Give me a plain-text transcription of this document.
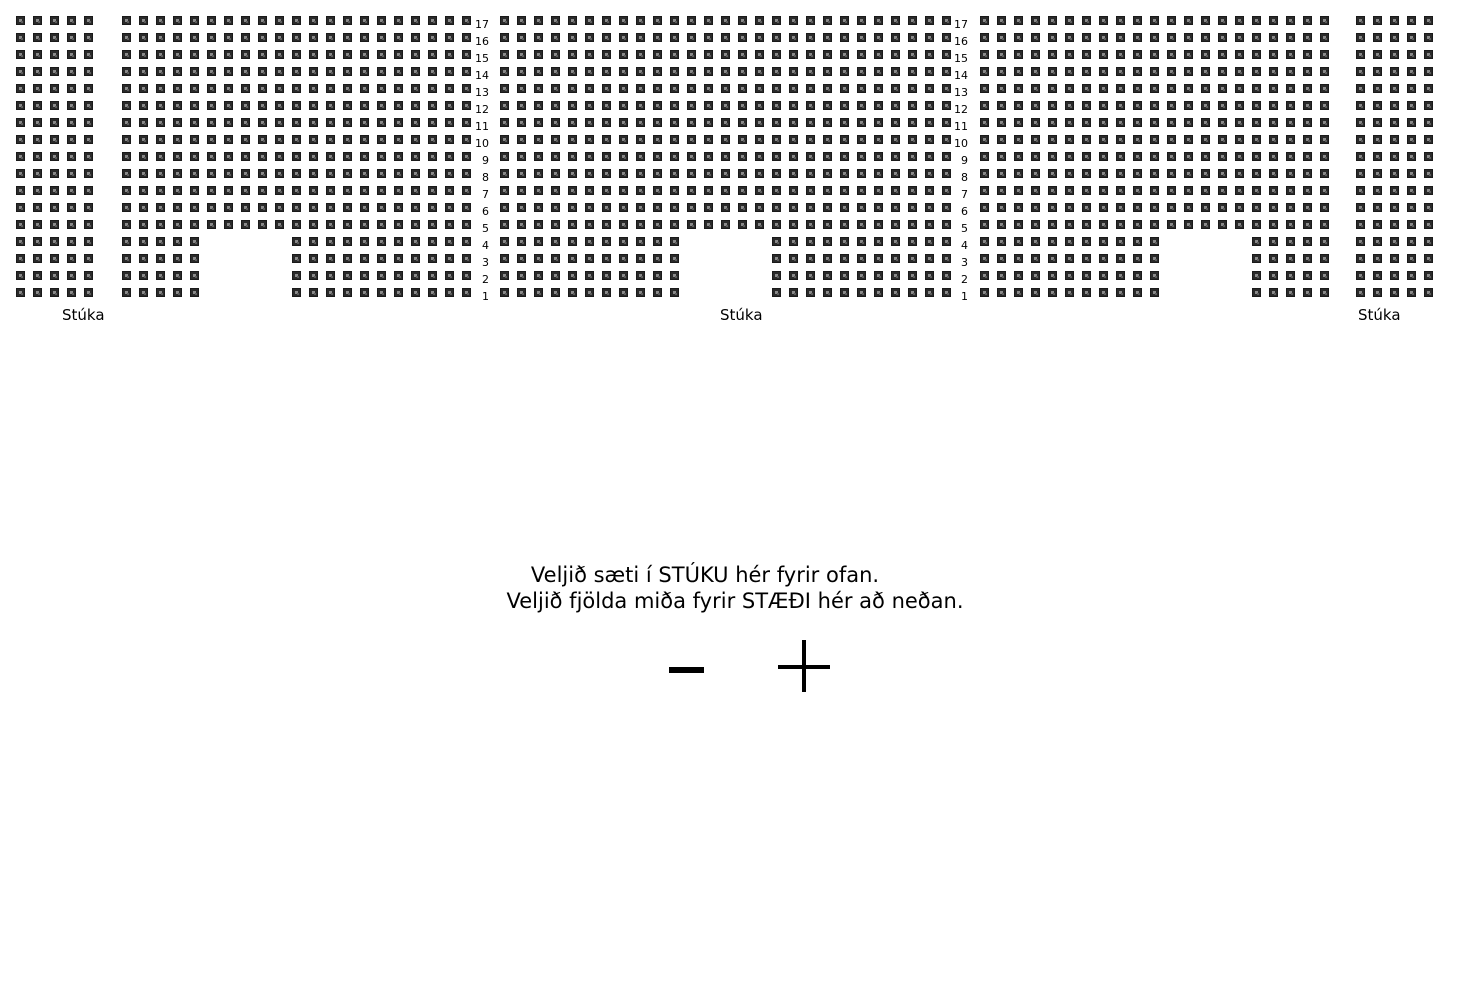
17	17
16	16
15	15
14	14
13	13
12	12
11	11
10	10
9	9
8	8
7	7
6	6
5	5
4	4
3	3
2	2
1	1
Stúka	Stúka	Stúka
Veljið sæti í STÚKU hér fyrir ofan.
Veljið fjölda miða fyrir STÆÐI hér að neðan.
